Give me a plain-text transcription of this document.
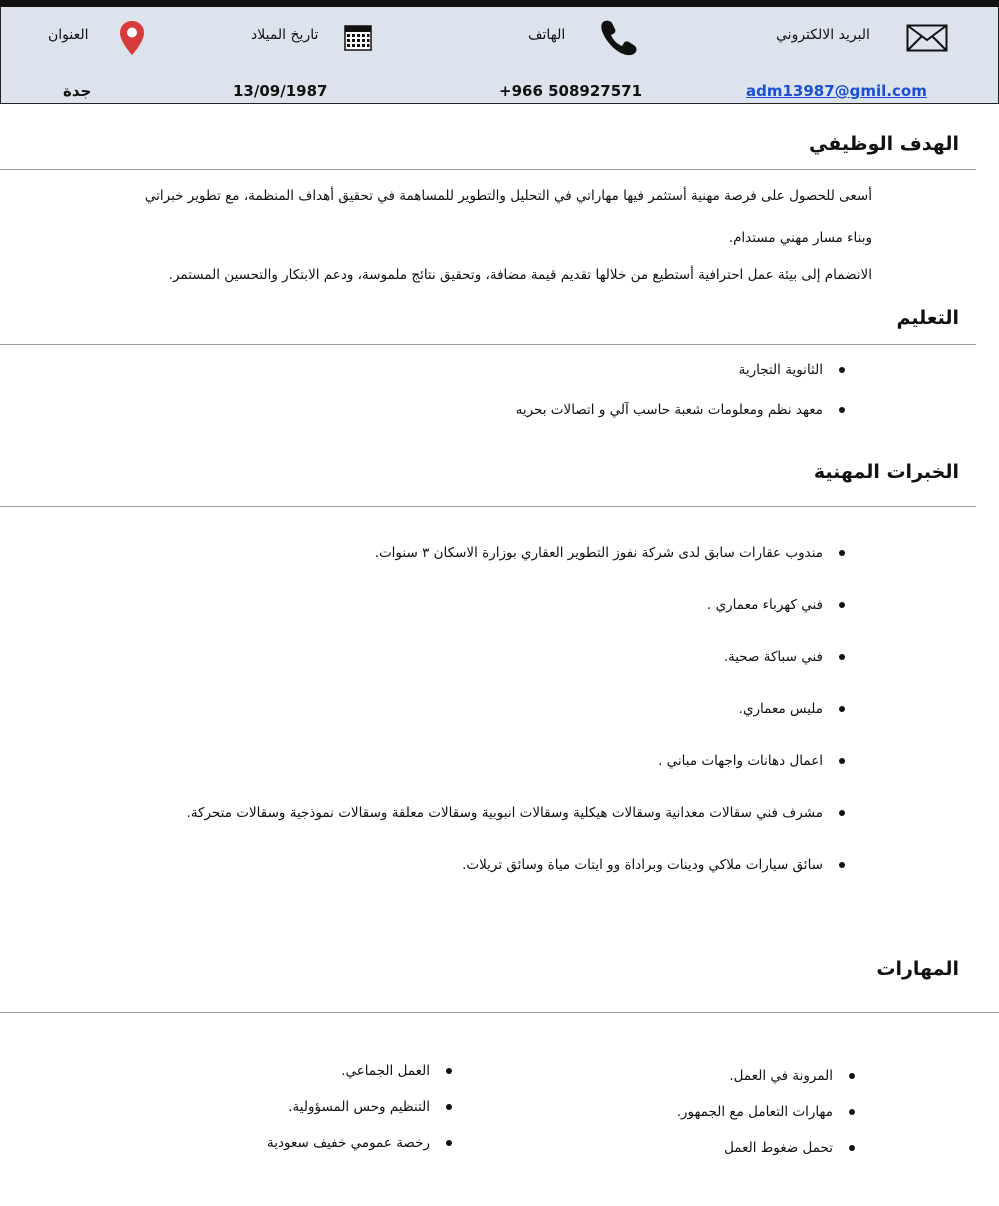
البريد الالكتروني
adm13987@gmil.com
الهاتف
+966 508927571
تاريخ الميلاد
13/09/1987
العنوان
جدة
الهدف الوظيفي
أسعى للحصول على فرصة مهنية أستثمر فيها مهاراتي في التحليل والتطوير للمساهمة في تحقيق أهداف المنظمة، مع تطوير خبراتي
وبناء مسار مهني مستدام.
الانضمام إلى بيئة عمل احترافية أستطيع من خلالها تقديم قيمة مضافة، وتحقيق نتائج ملموسة، ودعم الابتكار والتحسين المستمر.
التعليم
الثانوية التجارية
معهد نظم ومعلومات شعبة حاسب آلي و اتصالات بحريه
الخبرات المهنية
مندوب عقارات سابق لدى شركة نفوز التطوير العقاري بوزارة الاسكان ٣ سنوات.
فني كهرباء معماري .
فني سباكة صحية.
مليس معماري.
اعمال دهانات واجهات مباني .
مشرف فني سقالات معدانية وسقالات هيكلية وسقالات انبوبية وسقالات معلقة وسقالات نموذجية وسقالات متحركة.
سائق سيارات ملاكي ودينات وبراداة وو ايتات مياة وسائق تريلات.
المهارات
المرونة في العمل.
مهارات التعامل مع الجمهور.
تحمل ضغوط العمل
العمل الجماعي.
التنظيم وحس المسؤولية.
رخصة عمومي خفيف سعودية
